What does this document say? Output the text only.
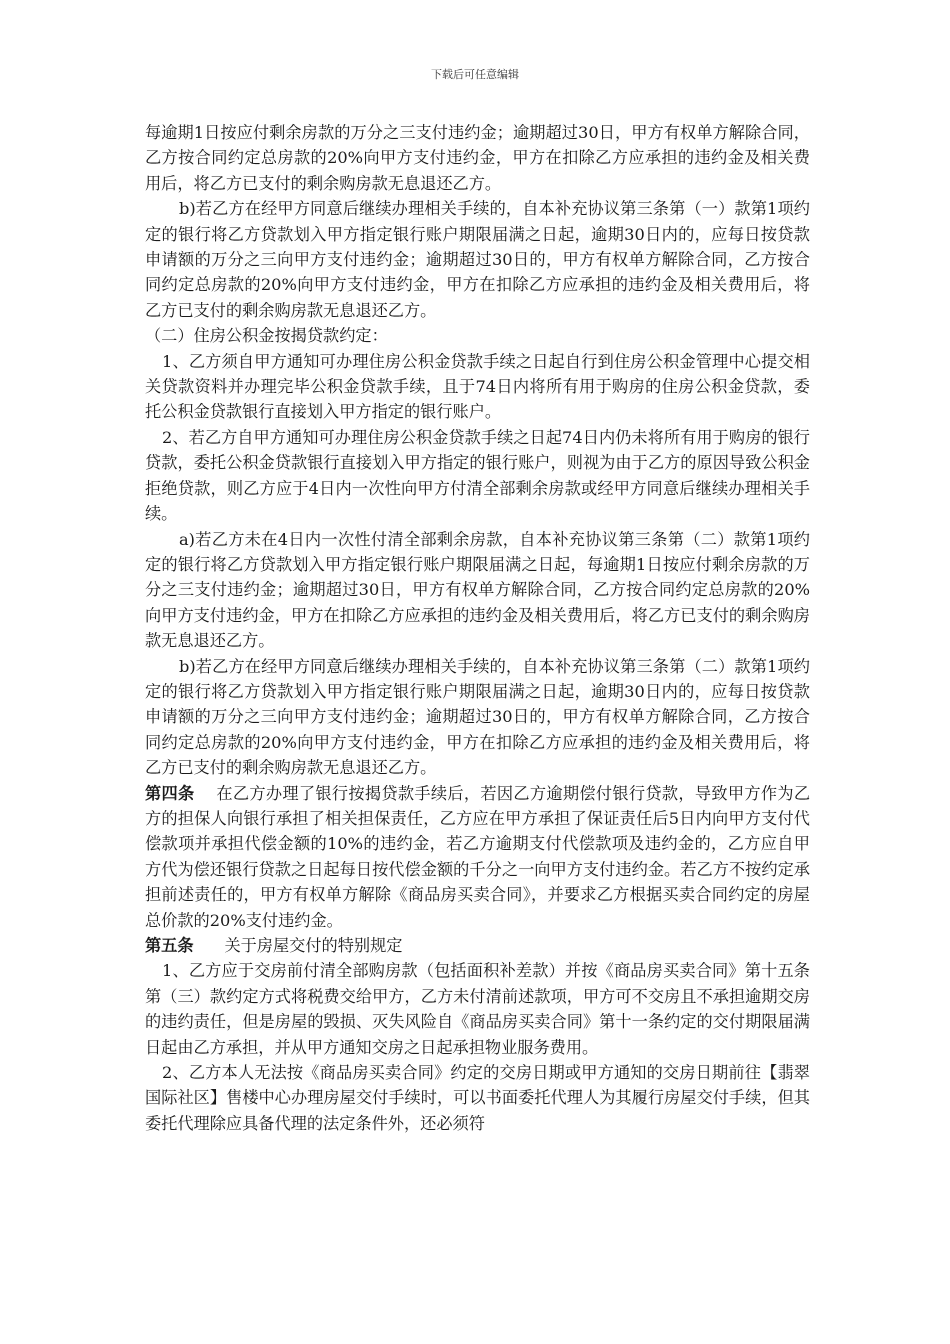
下载后可任意编辑

每逾期1日按应付剩余房款的万分之三支付违约金；逾期超过30日，甲方有权单方解除合同，乙方按合同约定总房款的20%向甲方支付违约金，甲方在扣除乙方应承担的违约金及相关费用后，将乙方已支付的剩余购房款无息退还乙方。

b)若乙方在经甲方同意后继续办理相关手续的，自本补充协议第三条第（一）款第1项约定的银行将乙方贷款划入甲方指定银行账户期限届满之日起，逾期30日内的，应每日按贷款申请额的万分之三向甲方支付违约金；逾期超过30日的，甲方有权单方解除合同，乙方按合同约定总房款的20%向甲方支付违约金，甲方在扣除乙方应承担的违约金及相关费用后，将乙方已支付的剩余购房款无息退还乙方。

（二）住房公积金按揭贷款约定：

1、乙方须自甲方通知可办理住房公积金贷款手续之日起自行到住房公积金管理中心提交相关贷款资料并办理完毕公积金贷款手续，且于74日内将所有用于购房的住房公积金贷款，委托公积金贷款银行直接划入甲方指定的银行账户。

2、若乙方自甲方通知可办理住房公积金贷款手续之日起74日内仍未将所有用于购房的银行贷款，委托公积金贷款银行直接划入甲方指定的银行账户，则视为由于乙方的原因导致公积金拒绝贷款，则乙方应于4日内一次性向甲方付清全部剩余房款或经甲方同意后继续办理相关手续。

a)若乙方未在4日内一次性付清全部剩余房款，自本补充协议第三条第（二）款第1项约定的银行将乙方贷款划入甲方指定银行账户期限届满之日起，每逾期1日按应付剩余房款的万分之三支付违约金；逾期超过30日，甲方有权单方解除合同，乙方按合同约定总房款的20%向甲方支付违约金，甲方在扣除乙方应承担的违约金及相关费用后，将乙方已支付的剩余购房款无息退还乙方。

b)若乙方在经甲方同意后继续办理相关手续的，自本补充协议第三条第（二）款第1项约定的银行将乙方贷款划入甲方指定银行账户期限届满之日起，逾期30日内的，应每日按贷款申请额的万分之三向甲方支付违约金；逾期超过30日的，甲方有权单方解除合同，乙方按合同约定总房款的20%向甲方支付违约金，甲方在扣除乙方应承担的违约金及相关费用后，将乙方已支付的剩余购房款无息退还乙方。

第四条 在乙方办理了银行按揭贷款手续后，若因乙方逾期偿付银行贷款，导致甲方作为乙方的担保人向银行承担了相关担保责任，乙方应在甲方承担了保证责任后5日内向甲方支付代偿款项并承担代偿金额的10%的违约金，若乙方逾期支付代偿款项及违约金的，乙方应自甲方代为偿还银行贷款之日起每日按代偿金额的千分之一向甲方支付违约金。若乙方不按约定承担前述责任的，甲方有权单方解除《商品房买卖合同》，并要求乙方根据买卖合同约定的房屋总价款的20%支付违约金。

第五条 关于房屋交付的特别规定

1、乙方应于交房前付清全部购房款（包括面积补差款）并按《商品房买卖合同》第十五条第（三）款约定方式将税费交给甲方，乙方未付清前述款项，甲方可不交房且不承担逾期交房的违约责任，但是房屋的毁损、灭失风险自《商品房买卖合同》第十一条约定的交付期限届满日起由乙方承担，并从甲方通知交房之日起承担物业服务费用。

2、乙方本人无法按《商品房买卖合同》约定的交房日期或甲方通知的交房日期前往【翡翠国际社区】售楼中心办理房屋交付手续时，可以书面委托代理人为其履行房屋交付手续，但其委托代理除应具备代理的法定条件外，还必须符
